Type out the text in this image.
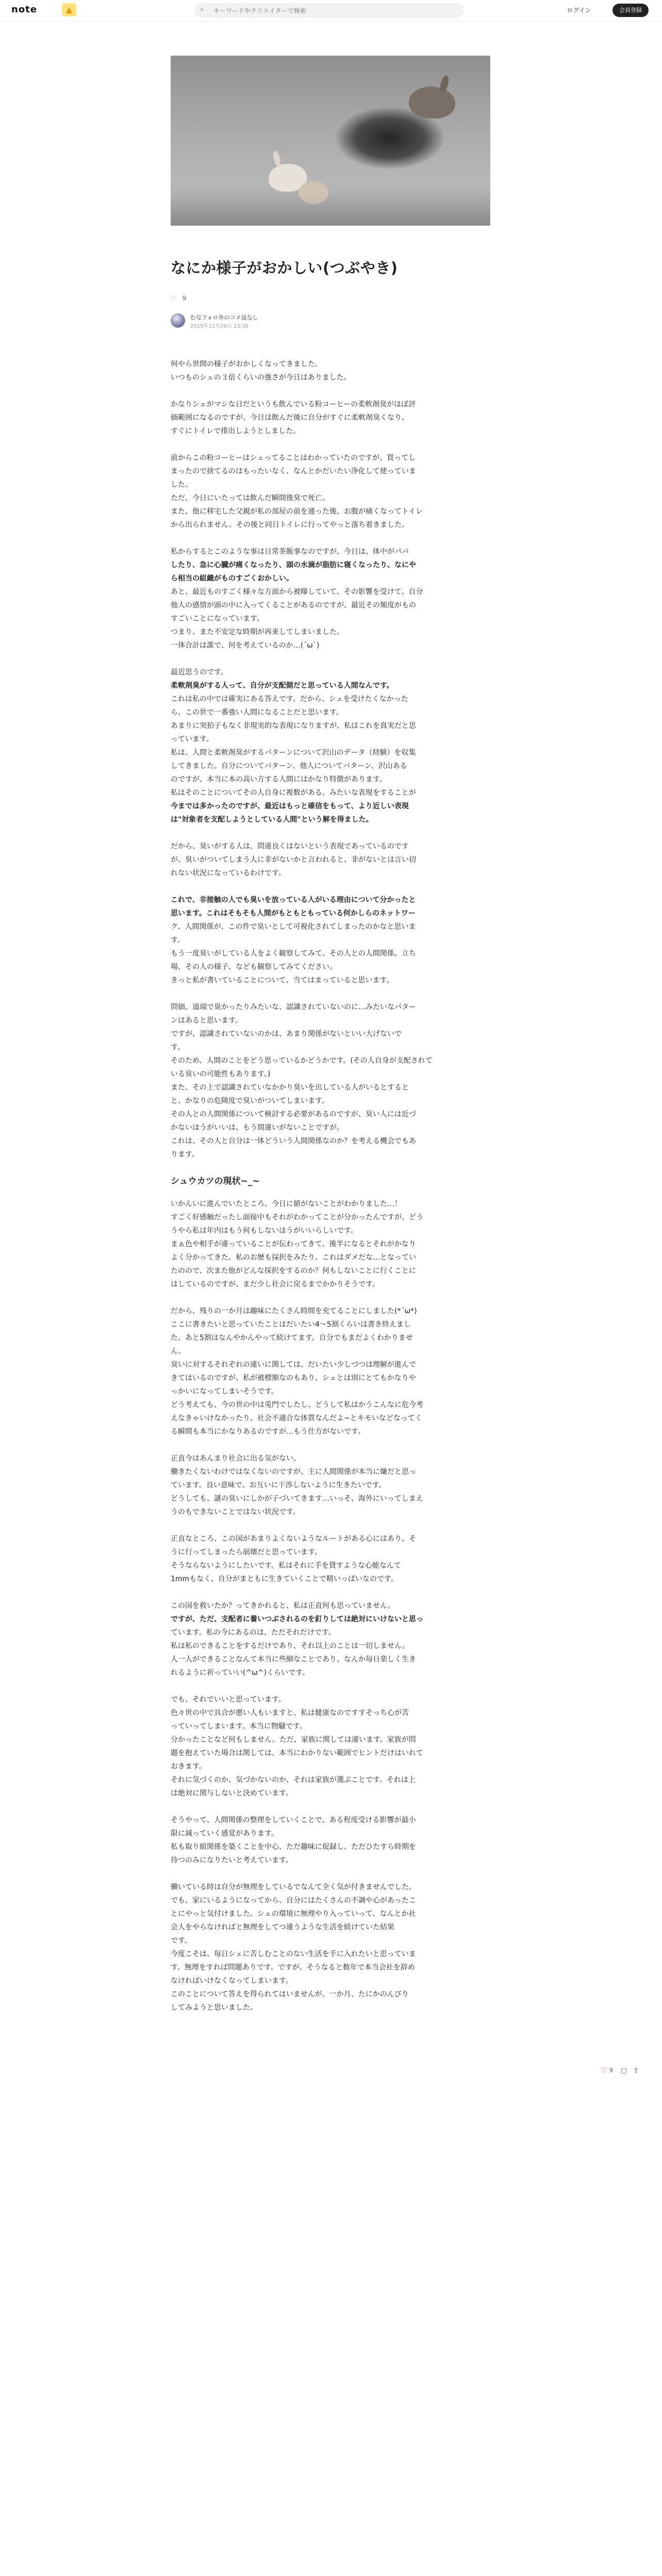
note	▲	⌕
キーワードやクリエイターで検索	ログイン	会員登録
なにか様子がおかしい(つぶやき)
♡ 9
むなフォロ外のコメ返なし
2025年11月26日 13:30

何やら世間の様子がおかしくなってきました。
いつものシェの３倍くらいの強さが今日はありました。

かなりシェがマシな日だというも飲んでいる粉コーヒーの柔軟剤臭がほぼ評
価範囲になるのですが、今日は飲んだ後に自分がすぐに柔軟剤臭くなり、
すぐにトイレで排出しようとしました。

前からこの粉コーヒーはシェってることはわかっていたのですが、買ってし
まったので捨てるのはもったいなく、なんとかだいたい浄化して使っていま
した。
ただ、今日にいたっては飲んだ瞬間後臭で死亡。
また、他に移宅した父親が私の部屋の前を通った後、お腹が痛くなってトイレ
から出られません。その後と同日トイレに行ってやっと落ち着きました。

私からするとこのような事は日常茶飯事なのですが、今日は、体中がパパ
したり、急に心臓が痛くなったり、頭の水滴が脂肪に寝くなったり、なにや
ら相当の組織がものすごくおかしい。
あと、最近ものすごく様々な方面から被曝していて、その影響を受けて、自分
他人の感情が頭の中に入ってくることがあるのですが、最近その頻度がもの
すごいことになっています。
つまり、また不安定な時期が再来してしまいました。
一体合計は誰で、何を考えているのか…(´ω`)

最近思うのです。
柔軟剤臭がする人って、自分が支配側だと思っている人間なんです。
これは私の中では確実にある答えです。だから、シェを受けたくなかった
ら、この世で一番強い人間になることだと思います。
あまりに突拍子もなく非現実的な表現になりますが、私はこれを真実だと思
っています。
私は、人間と柔軟剤臭がするパターンについて沢山のデータ（経験）を収集
してきました。自分についてパターン、他人についてパターン、沢山ある
のですが、本当に本の高い方する人間にはかなり特徴があります。
私はそのことについてその人自身に複数がある、みたいな表現をすることが
今までは多かったのですが、最近はもっと確信をもって、より近しい表現
は"対象者を支配しようとしている人間"という解を得ました。

だから、臭いがする人は、問違良くはないという表現であっているのです
が、臭いがついてしまう人に非がないかと言われると、非がないとは言い切
れない状況になっているわけです。

これで、非接触の人でも臭いを放っている人がいる理由について分かったと
思います。これはそもそも人間がもともともっている何かしらのネットワー
ク、人間関係が、この件で臭いとして可視化されてしまったのかなと思いま
す。
もう一度臭いがしている人をよく観察してみて、その人との人間関係、立ち
場、その人の様子、なども観察してみてください。
きっと私が書いていることについて、当てはまっていると思います。

問価、道端で臭かったりみたいな、認識されていないのに…みたいなパター
ンはあると思います。
ですが、認識されていないのかは、あまり関係がないといい大げないで
す。
そのため、人間のことをどう思っているかどうかです。(その人自身が支配されて
いる臭いの可能性もあります。)
また、その上で認識されていなかかり臭いを出している人がいるとすると
と、かなりの危険度で臭いがついてしまいます。
その人との人間関係について検討する必要があるのですが、臭い人には近づ
かないほうがいいは、もう間違いがないことですが。
これは、その人と自分は一体どういう人間関係なのか？を考える機会でもあ
ります。

シュウカツの現状~_~

いかんいに進んでいたところ、今日に値がないことがわかりました…！
すごく好感触だったし面接中もそれがわかってことが分かったんですが、どう
うやら私は年内はもう何もしないほうがいいらしいです。
まぁ色や相手が違っていることが伝わってきて、後半になるとそれがかなり
よく分かってきた。私のお歴も採択をみたり、これはダメだな…となってい
たのので、次また他がどんな採択をするのか？何もしないことに行くことに
はしているのですが、まだ少し社会に戻るまでかかりそうです。

だから、残りの一か月は趣味にたくさん時間を充てることにしました(*´ω*)
ここに書きたいと思っていたことはだいたい4～5割くらいは書き終えまし
た。あと5割はなんやかんやって続けてます。自分でもまだよくわかりませ
ん。
臭いに対するそれぞれの違いに関しては、だいたい少しづつは理解が進んで
きてはいるのですが、私が被標額なのもあり、シェとは別にとてもかなりや
っかいになってしまいそうです。
どう考えても、今の世の中は兎門でしたし、どうして私はかうこんなに危今考
えなきゃいけなかったり、社会不適合な体質なんだよ~とキモいなどなってく
る瞬間も本当にかなりあるのですが…もう仕方がないです。

正直今はあんまり社会に出る気がない。
働きたくないわけではなくないのですが、主に人間関係が本当に嫌だと思っ
ています。良い意味で、お互いに干渉しないように生きたいです。
どうしても、謎の臭いにしかが子づいてきます…いっそ、海外にいってしまえ
うのもできないことではない状況です。

正直なところ、この国があまりよくないようなルートがある心にはあり、そ
うに行ってしまったら崩壊だと思っています。
そうならないようにしたいです。私はそれに手を貸すような心能なんて
1mmもなく、自分がまともに生きていくことで精いっぱいなのです。

この国を救いたか？ってきかれると、私は正直何も思っていません。
ですが、ただ、支配者に養いつぶされるのを釘りしては絶対にいけないと思っ
ています。私の今にあるのは、ただそれだけです。
私は私のできることをするだけであり、それ以上のことは一切しません。
人一人ができることなんて本当に些細なことであり、なんか毎日楽しく生き
れるように祈っていい(^ω^)くらいです。

でも、それでいいと思っています。
色々世の中で具合が悪い人もいますと、私は健康なのですすそっち心が苦
っていってしまいます。本当に物騒です。
分かったことなど何もしません。ただ、家族に関しては違います。家族が問
題を抱えていた場合は関しては、本当にわかりない範囲でヒントだけはいれて
おきます。
それに気づくのか、気づかないのか、それは家族が選ぶことです。それは上
は絶対に関与しないと決めています。

そうやって、人間関係の整理をしていくことで、ある程度受ける影響が最小
限に減っていく感覚があります。
私も取り組関係を築くことを中心、ただ趣味に促録し、ただひたすら時期を
待つのみになりたいと考えています。

働いている時は自分が無理をしているでなんて全く気が付きませんでした。
でも、家にいるようになってから、自分にはたくさんの不調や心があったこ
とにやっと気付けました。シェの環境に無理やり入っていって、なんとか社
会人をやらなければと無理をしてつ違うような生活を続けていた結果
です。
今度こそは、毎日シェに苦しむことのない生活を手に入れたいと思っていま
す。無理をすれば問題ありです。ですが、そうなると数年で本当会社を辞め
なければいけなくなってしまいます。
このことについて答えを得られてはいませんが、一か月、たにかのんびり
してみようと思いました。

♡ 9 ▢ ⇪
